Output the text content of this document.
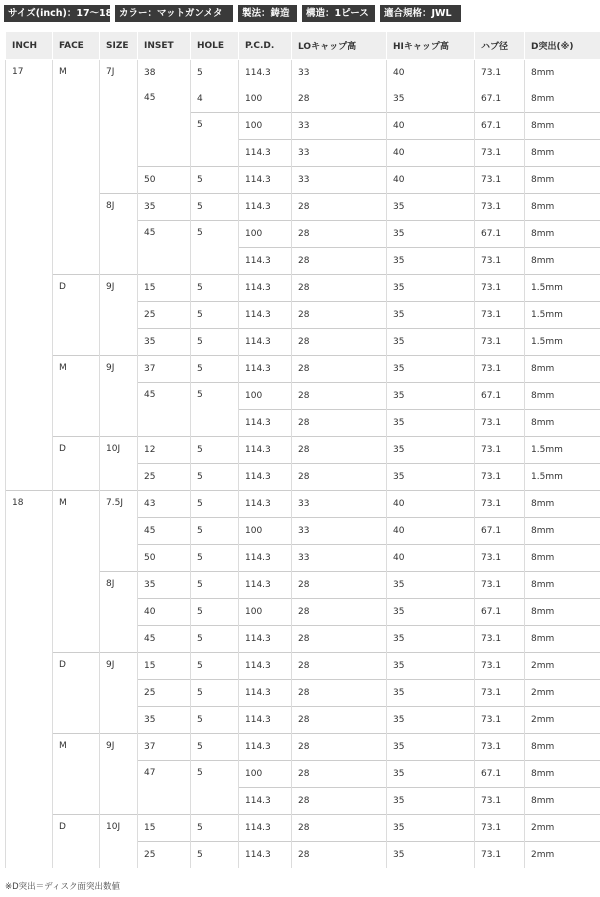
サイズ(inch)：17〜18 カラー：マットガンメタ	製法：鋳造	構造：1ピース	適合規格：JWL
INCH	FACE	SIZE	INSET	HOLE	P.C.D.	LOキャップ高	HIキャップ高	ハブ径	D突出(※)
17	M	7J	38	5	114.3	33	40	73.1	8mm
			45	4	100	28	35	67.1	8mm
				5	100	33	40	67.1	8mm
					114.3	33	40	73.1	8mm
			50	5	114.3	33	40	73.1	8mm
		8J	35	5	114.3	28	35	73.1	8mm
			45	5	100	28	35	67.1	8mm
					114.3	28	35	73.1	8mm
	D	9J	15	5	114.3	28	35	73.1	1.5mm
			25	5	114.3	28	35	73.1	1.5mm
			35	5	114.3	28	35	73.1	1.5mm
	M	9J	37	5	114.3	28	35	73.1	8mm
			45	5	100	28	35	67.1	8mm
					114.3	28	35	73.1	8mm
	D	10J	12	5	114.3	28	35	73.1	1.5mm
			25	5	114.3	28	35	73.1	1.5mm
18	M	7.5J	43	5	114.3	33	40	73.1	8mm
			45	5	100	33	40	67.1	8mm
			50	5	114.3	33	40	73.1	8mm
		8J	35	5	114.3	28	35	73.1	8mm
			40	5	100	28	35	67.1	8mm
			45	5	114.3	28	35	73.1	8mm
	D	9J	15	5	114.3	28	35	73.1	2mm
			25	5	114.3	28	35	73.1	2mm
			35	5	114.3	28	35	73.1	2mm
	M	9J	37	5	114.3	28	35	73.1	8mm
			47	5	100	28	35	67.1	8mm
					114.3	28	35	73.1	8mm
	D	10J	15	5	114.3	28	35	73.1	2mm
			25	5	114.3	28	35	73.1	2mm
※D突出＝ディスク面突出数値
